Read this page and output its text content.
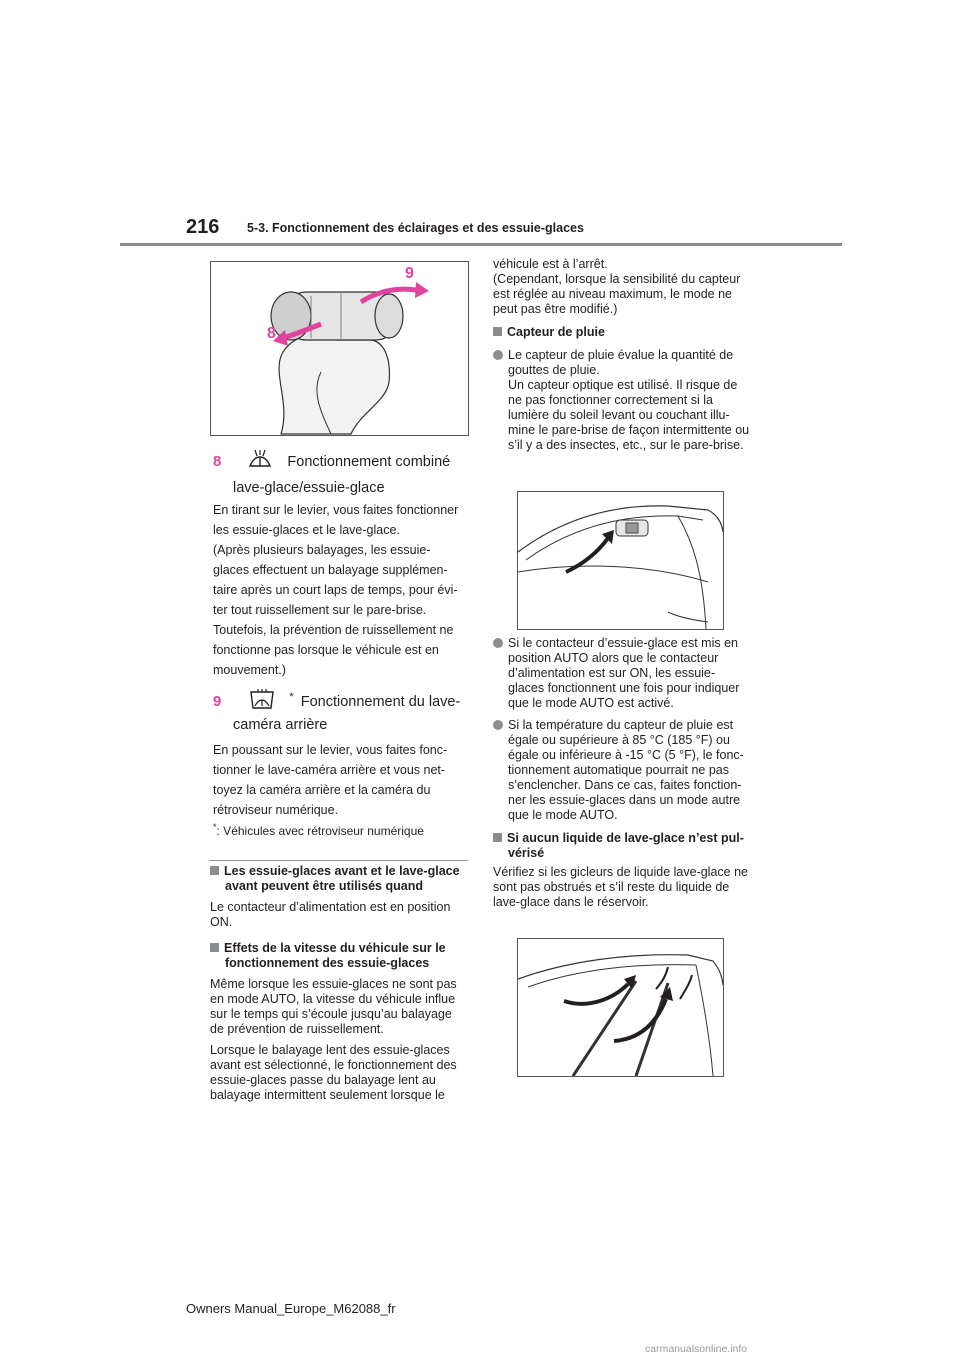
216 5-3. Fonctionnement des éclairages et des essuie-glaces
9
8
8	Fonctionnement combiné
lave-glace/essuie-glace

En tirant sur le levier, vous faites fonctionner

les essuie-glaces et le lave-glace.

(Après plusieurs balayages, les essuie-

glaces effectuent un balayage supplémen-

taire après un court laps de temps, pour évi-

ter tout ruissellement sur le pare-brise.

Toutefois, la prévention de ruissellement ne

fonctionne pas lorsque le véhicule est en

mouvement.)

9	* Fonctionnement du lave-
caméra arrière

En poussant sur le levier, vous faites fonc-

tionner le lave-caméra arrière et vous net-

toyez la caméra arrière et la caméra du

rétroviseur numérique.

*: Véhicules avec rétroviseur numérique
Les essuie-glaces avant et le lave-glace avant peuvent être utilisés quand
Le contacteur d’alimentation est en position ON.
Effets de la vitesse du véhicule sur le fonctionnement des essuie-glaces
Même lorsque les essuie-glaces ne sont pas en mode AUTO, la vitesse du véhicule influe sur le temps qui s’écoule jusqu’au balayage de prévention de ruissellement.
Lorsque le balayage lent des essuie-glaces avant est sélectionné, le fonctionnement des essuie-glaces passe du balayage lent au balayage intermittent seulement lorsque le

véhicule est à l’arrêt.
(Cependant, lorsque la sensibilité du capteur est réglée au niveau maximum, le mode ne peut pas être modifié.)

Capteur de pluie
Le capteur de pluie évalue la quantité de gouttes de pluie.
Un capteur optique est utilisé. Il risque de ne pas fonctionner correctement si la lumière du soleil levant ou couchant illu-mine le pare-brise de façon intermittente ou s’il y a des insectes, etc., sur le pare-brise.
Si le contacteur d’essuie-glace est mis en position AUTO alors que le contacteur d’alimentation est sur ON, les essuie-glaces fonctionnent une fois pour indiquer que le mode AUTO est activé.
Si la température du capteur de pluie est égale ou supérieure à 85 °C (185 °F) ou égale ou inférieure à -15 °C (5 °F), le fonc-tionnement automatique pourrait ne pas s’enclencher. Dans ce cas, faites fonction-ner les essuie-glaces dans un mode autre que le mode AUTO.
Si aucun liquide de lave-glace n’est pul-vérisé
Vérifiez si les gicleurs de liquide lave-glace ne sont pas obstrués et s’il reste du liquide de lave-glace dans le réservoir.
Owners Manual_Europe_M62088_fr
carmanualsonline.info
